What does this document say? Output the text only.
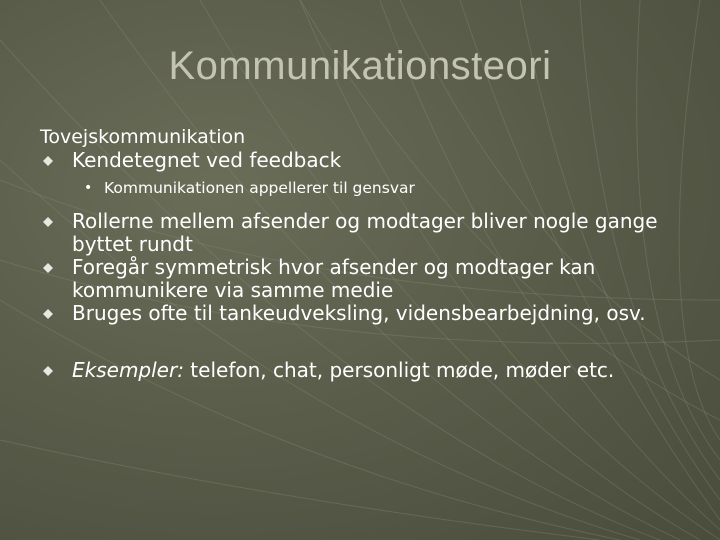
Kommunikationsteori
Tovejskommunikation
Kendetegnet ved feedback
• Kommunikationen appellerer til gensvar
Rollerne mellem afsender og modtager bliver nogle gange byttet rundt
Foregår symmetrisk hvor afsender og modtager kan kommunikere via samme medie
Bruges ofte til tankeudveksling, vidensbearbejdning, osv.
Eksempler: telefon, chat, personligt møde, møder etc.
